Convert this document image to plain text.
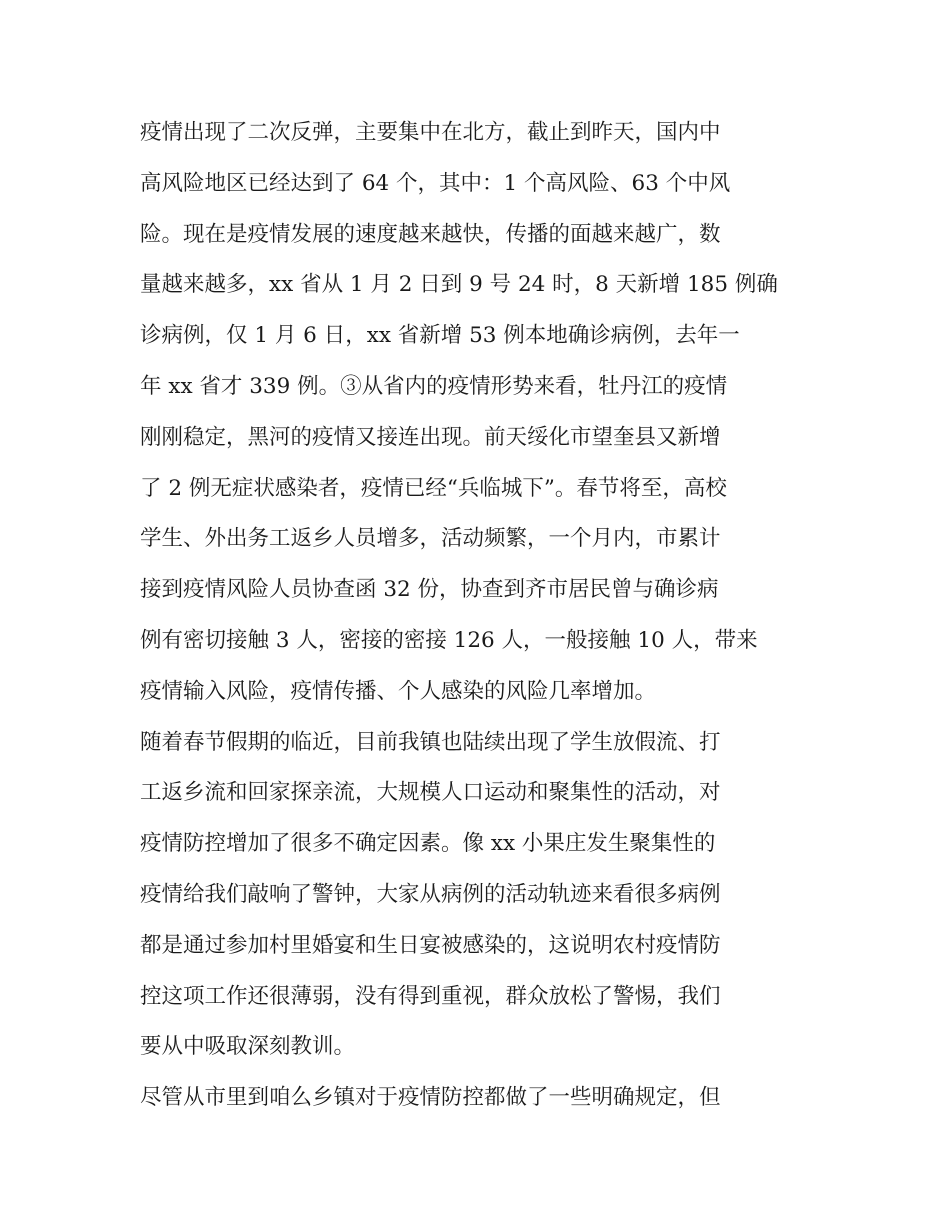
疫情出现了二次反弹，主要集中在北方，截止到昨天，国内中
高风险地区已经达到了 64 个，其中：1 个高风险、63 个中风
险。现在是疫情发展的速度越来越快，传播的面越来越广，数
量越来越多，xx 省从 1 月 2 日到 9 号 24 时，8 天新增 185 例确
诊病例，仅 1 月 6 日，xx 省新增 53 例本地确诊病例，去年一
年 xx 省才 339 例。③从省内的疫情形势来看，牡丹江的疫情
刚刚稳定，黑河的疫情又接连出现。前天绥化市望奎县又新增
了 2 例无症状感染者，疫情已经“兵临城下”。春节将至，高校
学生、外出务工返乡人员增多，活动频繁，一个月内，市累计
接到疫情风险人员协查函 32 份，协查到齐市居民曾与确诊病
例有密切接触 3 人，密接的密接 126 人，一般接触 10 人，带来
疫情输入风险，疫情传播、个人感染的风险几率增加。
随着春节假期的临近，目前我镇也陆续出现了学生放假流、打
工返乡流和回家探亲流，大规模人口运动和聚集性的活动，对
疫情防控增加了很多不确定因素。像 xx 小果庄发生聚集性的
疫情给我们敲响了警钟，大家从病例的活动轨迹来看很多病例
都是通过参加村里婚宴和生日宴被感染的，这说明农村疫情防
控这项工作还很薄弱，没有得到重视，群众放松了警惕，我们
要从中吸取深刻教训。
尽管从市里到咱么乡镇对于疫情防控都做了一些明确规定，但
